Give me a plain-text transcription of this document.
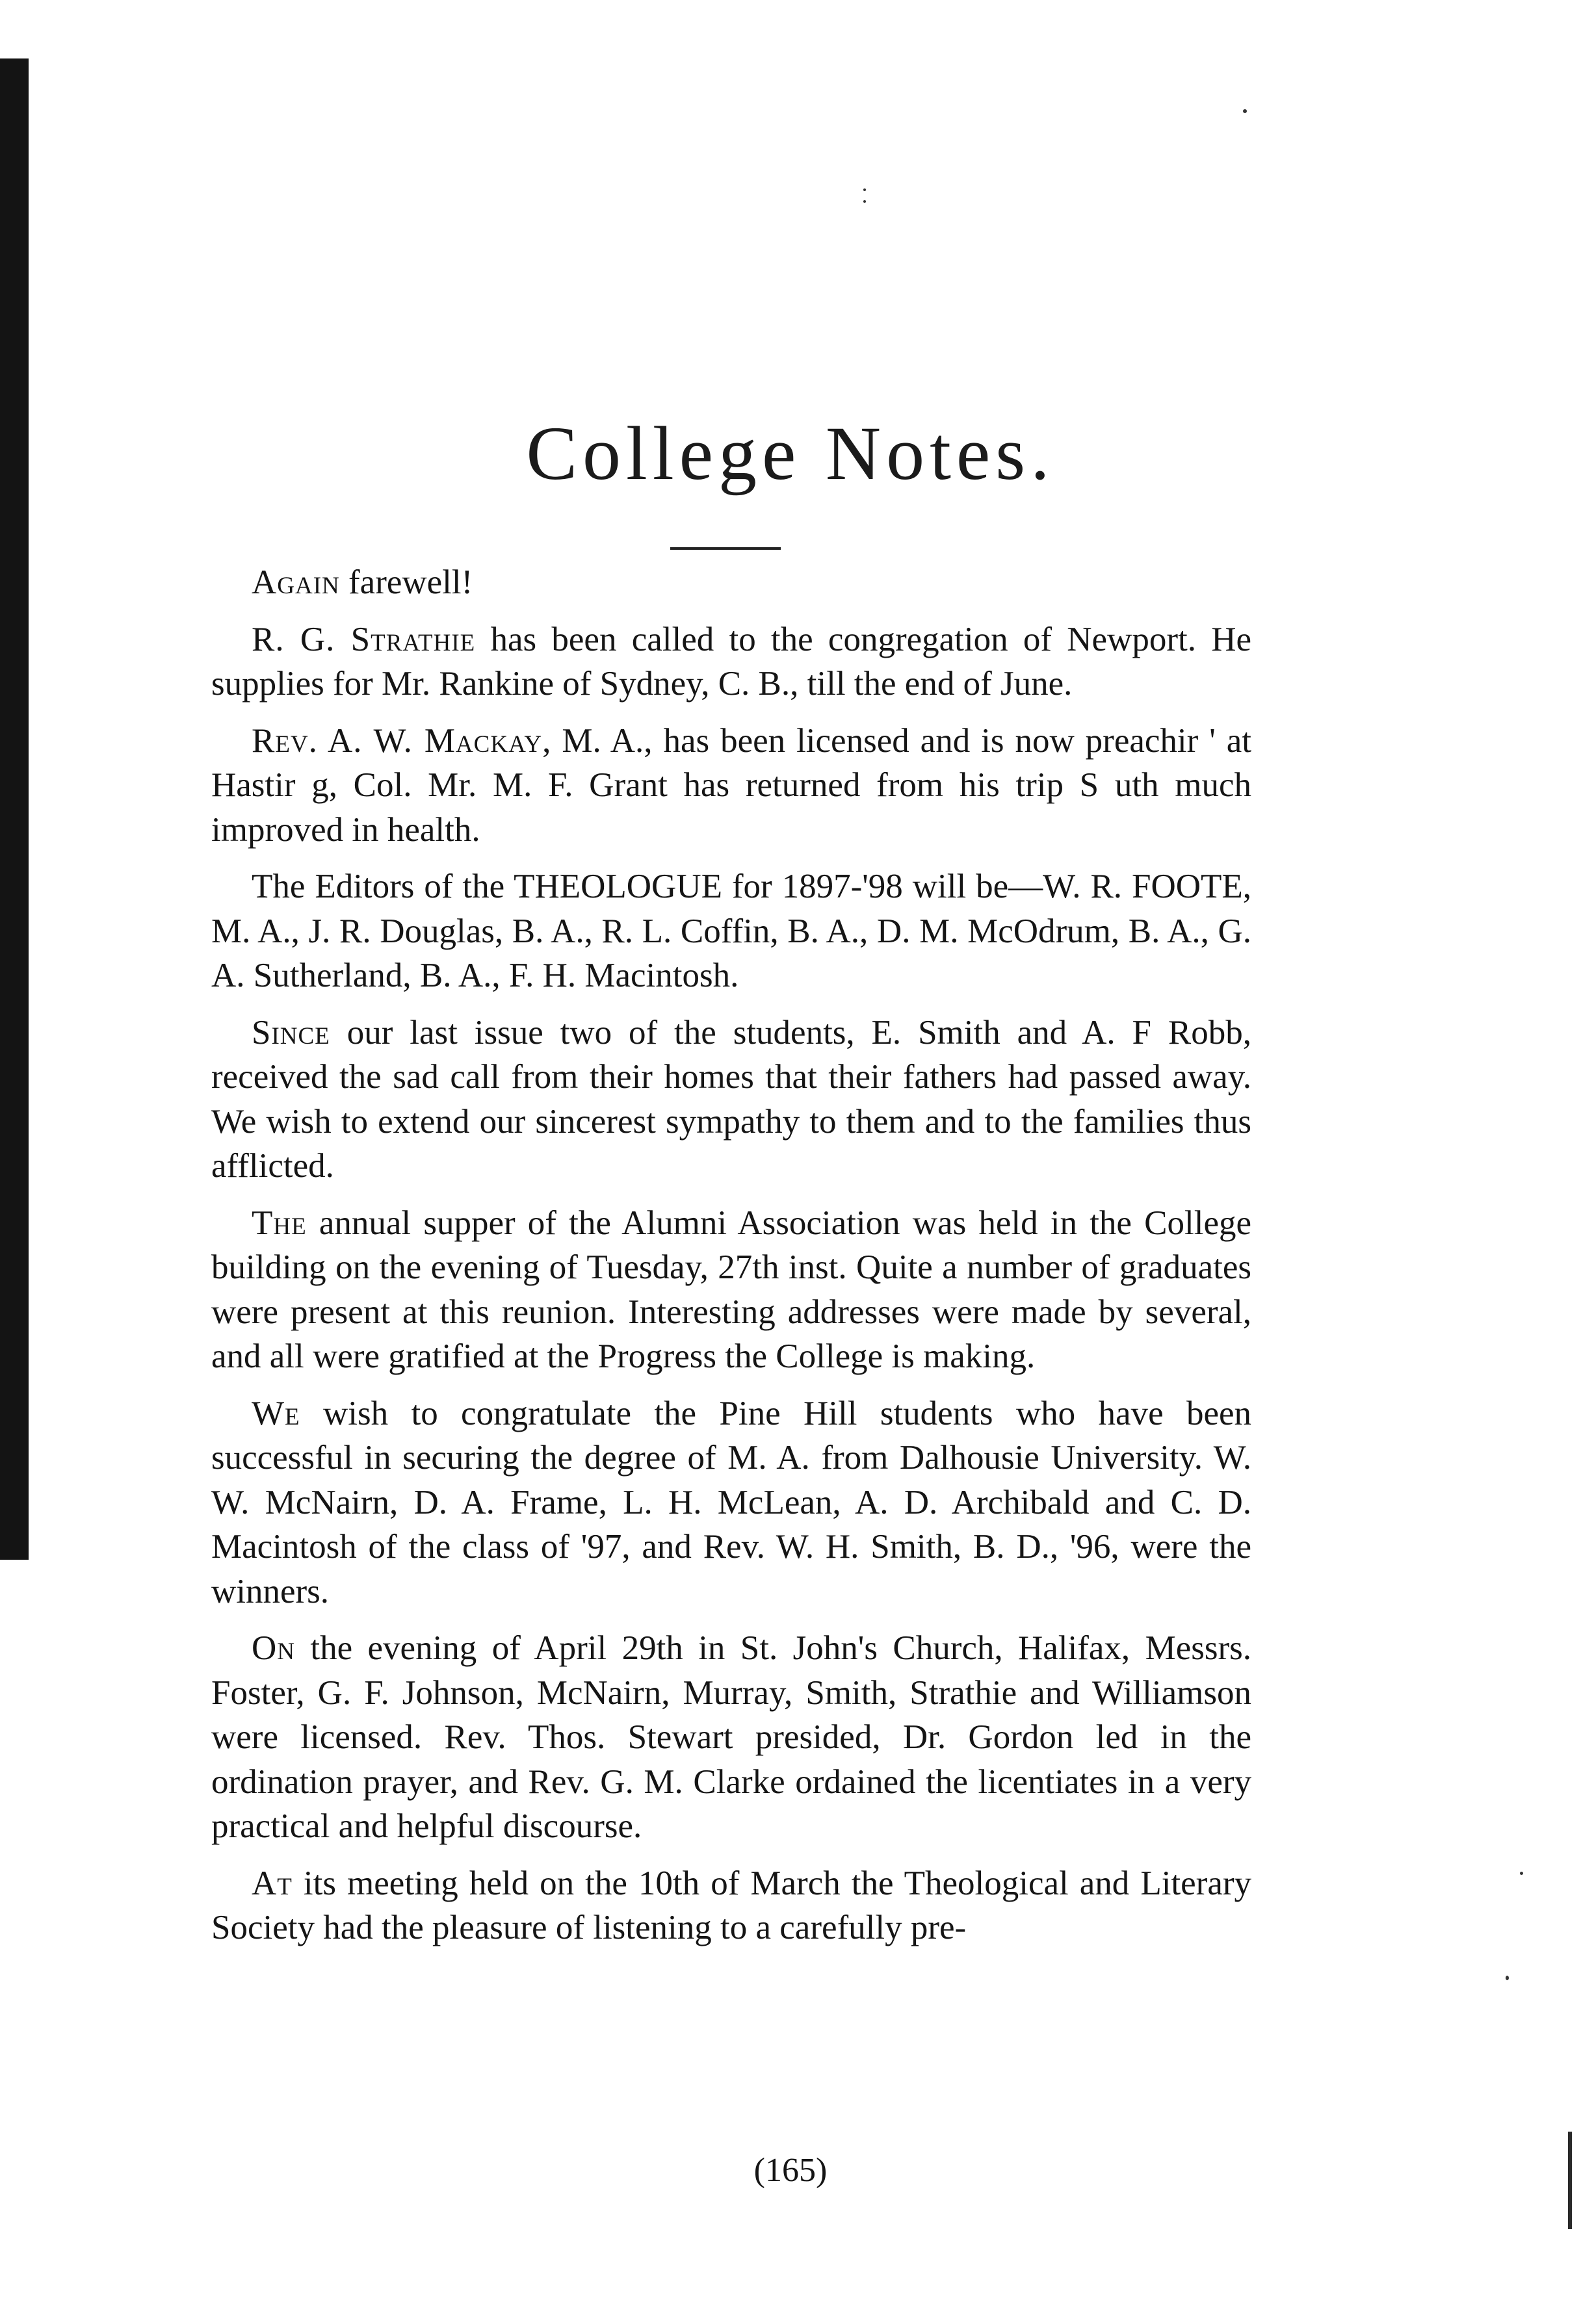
College Notes.

Again farewell!

R. G. Strathie has been called to the congregation of Newport. He supplies for Mr. Rankine of Sydney, C. B., till the end of June.

Rev. A. W. Mackay, M. A., has been licensed and is now preachir ' at Hastir g, Col. Mr. M. F. Grant has returned from his trip S uth much improved in health.

The Editors of the THEOLOGUE for 1897-'98 will be—W. R. FOOTE, M. A., J. R. Douglas, B. A., R. L. Coffin, B. A., D. M. McOdrum, B. A., G. A. Sutherland, B. A., F. H. Macintosh.

Since our last issue two of the students, E. Smith and A. F Robb, received the sad call from their homes that their fathers had passed away. We wish to extend our sincerest sympathy to them and to the families thus afflicted.

The annual supper of the Alumni Association was held in the College building on the evening of Tuesday, 27th inst. Quite a number of graduates were present at this reunion. Interesting addresses were made by several, and all were gratified at the Progress the College is making.

We wish to congratulate the Pine Hill students who have been successful in securing the degree of M. A. from Dalhousie University. W. W. McNairn, D. A. Frame, L. H. McLean, A. D. Archibald and C. D. Macintosh of the class of '97, and Rev. W. H. Smith, B. D., '96, were the winners.

On the evening of April 29th in St. John's Church, Halifax, Messrs. Foster, G. F. Johnson, McNairn, Murray, Smith, Strathie and Williamson were licensed. Rev. Thos. Stewart presided, Dr. Gordon led in the ordination prayer, and Rev. G. M. Clarke ordained the licentiates in a very practical and helpful discourse.

At its meeting held on the 10th of March the Theological and Literary Society had the pleasure of listening to a carefully pre-

(165)
